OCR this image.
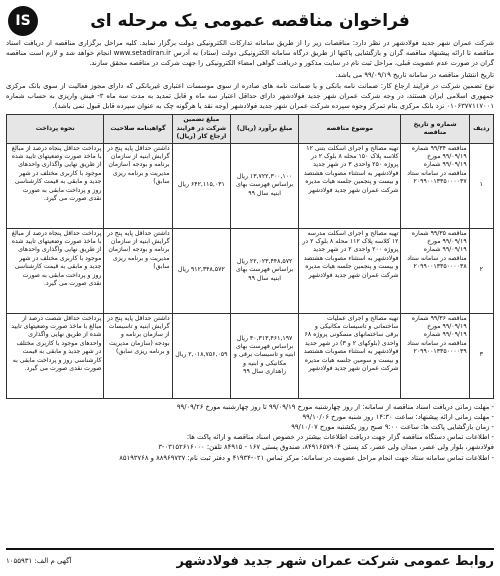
فراخوان مناقصه عمومی یک مرحله ای
IS

شرکت عمران شهر جدید فولادشهر در نظر دارد: مناقصات زیر را از طریق سامانه تدارکات الکترونیکی دولت برگزار نماید. کلیه مراحل برگزاری مناقصه از دریافت اسناد مناقصه تا ارائه پیشنهاد مناقصه گران و بازگشایی پاکتها از طریق درگاه سامانه الکترونیکی دولت (ستاد) به آدرس www.setadiran.ir انجام خواهد شد و لازم است مناقصه گران در صورت عدم عضویت قبلی، مراحل ثبت نام در سایت مذکور و دریافت گواهی امضاء الکترونیکی را جهت شرکت در مناقصه محقق سازند.

تاریخ انتشار مناقصه در سامانه تاریخ ۹۹/۰۹/۱۹ می باشد.

نوع تضمین شرکت در فرایند ارجاع کار: ضمانت نامه بانکی و یا ضمانت نامه های صادره از سوی موسسات اعتباری غیربانکی که دارای مجوز فعالیت از سوی بانک مرکزی جمهوری اسلامی ایران هستند، در وجه شرکت عمران شهر جدید فولادشهر دارای حداقل اعتبار سه ماه و قابل تمدید به مدت سه ماه ۳- فیش واریزی به حساب شماره ۰۱۰۶۳۷۷۱۱۷۰۰۱ نزد بانک مرکزی بنام تمرکز وجوه سپرده شرکت عمران شهر جدید فولادشهر (وجه نقد یا هرگونه چک به عنوان سپرده قابل قبول نمی باشد).

ردیف	شماره و تاریخ مناقصه	موضوع مناقصه	مبلغ برآورد (ریال)	مبلغ تضمین شرکت در فرایند ارجاع کار (ریال)	گواهینامه صلاحیت	نحوه پرداخت
۱	مناقصه ۹۹/۳۴ شماره ۹۹/۰۹/۱۹ مورخ ۹۹/۰۹/۱۹ شماره مناقصه در سامانه ستاد ۲۰۹۹۰۰۱۳۳۵۰۰۰۰۳۷	تهیه مصالح و اجرای اسکلت بتنی ۱۲ کلاسه پلاک ۱۵۰ محله ۸ بلوک ۲ در پروژه ۲۵۰ واحدی ۳ در شهر جدید فولادشهر به استثناء مصوبات هشتصد و بیست و پنجمین جلسه هیات مدیره شرکت عمران شهر جدید فولادشهر	۱۳,۷۲۲,۳۰۰,۱۰۰ ریال براساس فهرست بهای ابنیه سال ۹۹	۶۴۲,۱۱۵,۰۳۱ ریال	داشتن حداقل پایه پنج در گرایش ابنیه از سازمان برنامه و بودجه (سازمان مدیریت و برنامه ریزی سابق)	پرداخت حداقل پنجاه درصد از مبالغ با ماخذ صورت وضعیتهای تایید شده از طریق نهایی واگذاری واحدهای موجود با کاربری مختلف در شهر جدید و مابقی به قیمت کارشناسی روز و پرداخت مابقی به صورت نقدی صورت می گیرد.
۲	مناقصه ۹۹/۳۵ شماره ۹۹/۰۹/۱۹ مورخ ۹۹/۰۹/۱۹ شماره مناقصه در سامانه ستاد ۲۰۹۹۰۰۱۳۳۵۰۰۰۰۳۸	تهیه مصالح و اجرای اسکلت مدرسه ۱۲ کلاسه پلاک ۱۱۲ محله ۸ بلوک ۲ در پروژه ۲۰۰ واحدی ۲ در شهر جدید فولادشهر به استثناء مصوبات هشتصد و بیست و پنجمین جلسه هیات مدیره شرکت عمران شهر جدید فولادشهر	۲۲,۰۲۳,۴۴۸,۵۷۲ ریال براساس فهرست بهای ابنیه سال ۹۹	۹۱۲,۳۴۸,۵۷۲ ریال	داشتن حداقل پایه پنج در گرایش ابنیه از سازمان برنامه و بودجه (سازمان مدیریت و برنامه ریزی سابق)	پرداخت حداقل پنجاه درصد از مبالغ با ماخذ صورت وضعیتهای تایید شده از طریق نهایی واگذاری واحدهای موجود با کاربری مختلف در شهر جدید و مابقی به قیمت کارشناسی روز و پرداخت مابقی به صورت نقدی صورت می گیرد.
۳	مناقصه ۹۹/۳۶ شماره ۹۹/۰۹/۱۹ مورخ ۹۹/۰۹/۱۹ شماره مناقصه در سامانه ستاد ۲۰۹۹۰۰۱۳۳۵۰۰۰۰۳۹	تهیه مصالح و اجرای عملیات ساختمانی و تاسیسات مکانیکی و برقی ساختمانهای مسکونی پروژه ۶۸ واحدی (بلوکهای ۲ و ۳) در شهر جدید فولادشهر به استثناء مصوبات هشتصد و بیست و سومین جلسه هیات مدیره شرکت عمران شهر جدید فولادشهر	۴۰,۳۱۳,۴۶۱,۱۹۷ ریال براساس فهرست بهای ابنیه و تاسیسات برقی و مکانیکی و ابنیه و راهداری سال ۹۹	۲,۰۱۸,۷۵۶,۰۵۹ ریال	داشتن حداقل پایه پنج در گرایش ابنیه و تاسیسات از سازمان برنامه و بودجه (سازمان مدیریت و برنامه ریزی سابق)	پرداخت حداقل شصت درصد از مبالغ با ماخذ صورت وضعیتهای تایید شده از طریق نهایی واگذاری واحدهای موجود با کاربری مختلف در شهر جدید و مابقی به قیمت کارشناسی روز و پرداخت مابقی به صورت نقدی صورت می گیرد.

- مهلت زمانی دریافت اسناد مناقصه از سامانه: از روز چهارشنبه مورخ ۹۹/۰۹/۱۹ تا روز چهارشنبه مورخ ۹۹/۰۹/۲۶

- مهلت زمانی ارائه پیشنهاد: ساعت ۱۴:۳۰ روز شنبه مورخ ۹۹/۱۰/۰۶

- زمان بازگشایی پاکت ها: ساعت ۹:۰۰ صبح روز یکشنبه مورخ ۹۹/۱۰/۰۷

- اطلاعات تماس دستگاه مناقصه گزار جهت دریافت اطلاعات بیشتر در خصوص اسناد مناقصه و ارائه پاکت ها:

فولادشهر، بلوار ولی عصر، میدان ولی عصر، کد پستی ۸۴۹۱۶۵۷۹۰۴، صندوق پستی ۱۶۷ - ۸۴۹۱۵ تلفن: ۰۳۱۵۲۶۱۶۰۰۰-۳

- اطلاعات تماس سامانه ستاد جهت انجام مراحل عضویت در سامانه: مرکز تماس ۰۲۱-۴۱۹۳۴ و دفتر ثبت نام: ۸۸۹۶۹۷۳۷ و ۸۵۱۹۳۷۶۸

روابط عمومی شرکت عمران شهر جدید فولادشهر
آگهی م الف: ۱۰۵۵۹۳۱
